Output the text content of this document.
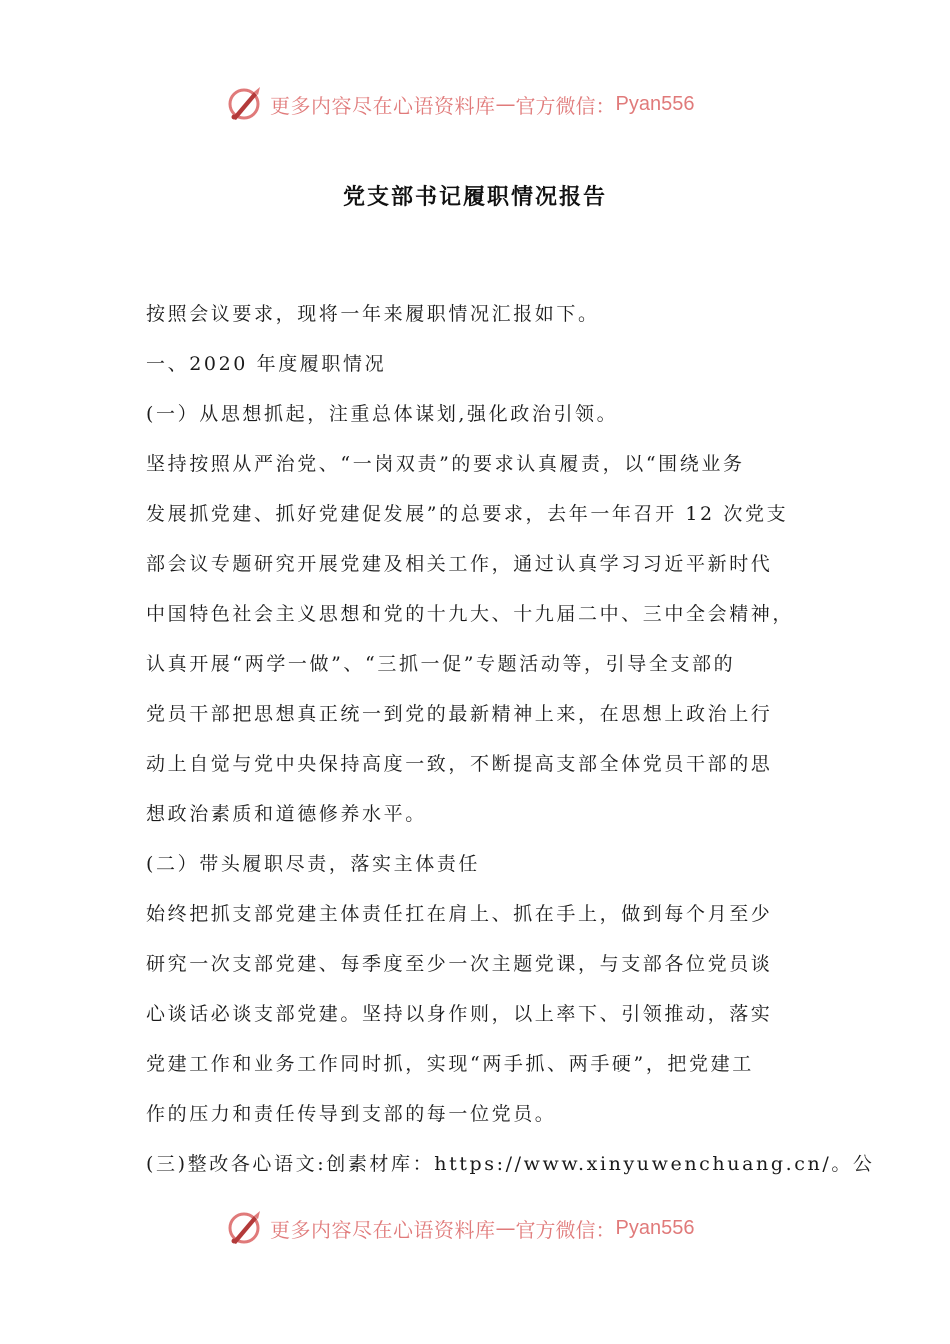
更多内容尽在心语资料库 — 官方微信： Pyan556
党支部书记履职情况报告
按照会议要求，现将一年来履职情况汇报如下。
一、2020 年度履职情况
(一）从思想抓起，注重总体谋划,强化政治引领。
坚持按照从严治党、“一岗双责”的要求认真履责，以“围绕业务
发展抓党建、抓好党建促发展”的总要求，去年一年召开 12 次党支
部会议专题研究开展党建及相关工作，通过认真学习习近平新时代
中国特色社会主义思想和党的十九大、十九届二中、三中全会精神，
认真开展“两学一做”、“三抓一促”专题活动等，引导全支部的
党员干部把思想真正统一到党的最新精神上来，在思想上政治上行
动上自觉与党中央保持高度一致，不断提高支部全体党员干部的思
想政治素质和道德修养水平。
(二）带头履职尽责，落实主体责任
始终把抓支部党建主体责任扛在肩上、抓在手上，做到每个月至少
研究一次支部党建、每季度至少一次主题党课，与支部各位党员谈
心谈话必谈支部党建。坚持以身作则，以上率下、引领推动，落实
党建工作和业务工作同时抓，实现“两手抓、两手硬”，把党建工
作的压力和责任传导到支部的每一位党员。
(三)整改各心语文:创素材库：https://www.xinyuwenchuang.cn/。公
更多内容尽在心语资料库 — 官方微信： Pyan556
